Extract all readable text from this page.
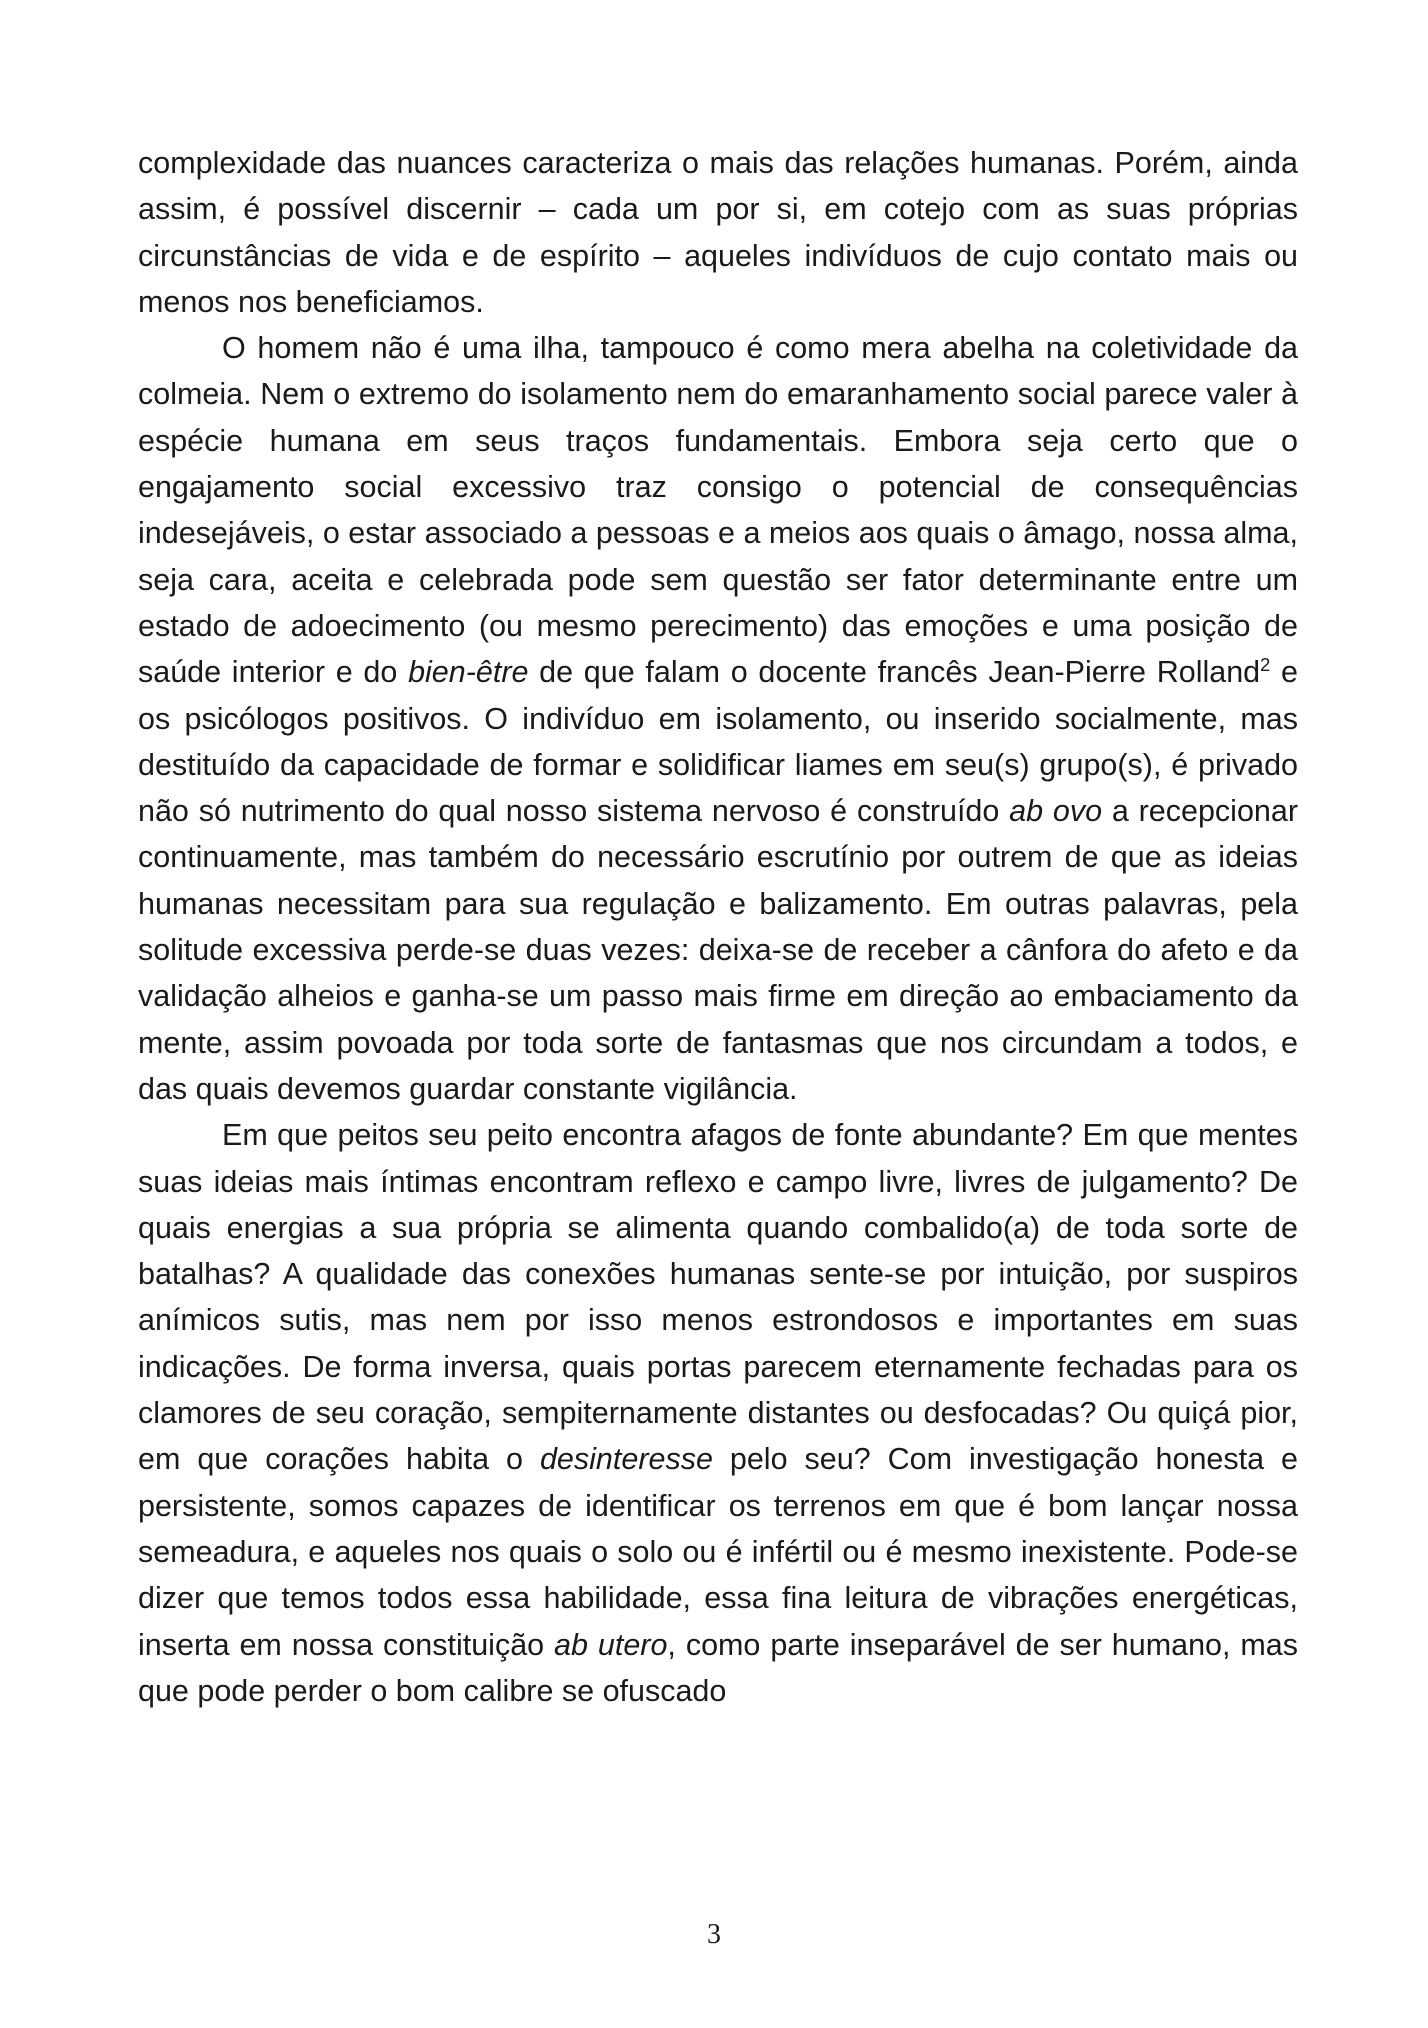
complexidade das nuances caracteriza o mais das relações humanas. Porém, ainda assim, é possível discernir – cada um por si, em cotejo com as suas próprias circunstâncias de vida e de espírito – aqueles indivíduos de cujo contato mais ou menos nos beneficiamos.

O homem não é uma ilha, tampouco é como mera abelha na coletividade da colmeia. Nem o extremo do isolamento nem do emaranhamento social parece valer à espécie humana em seus traços fundamentais. Embora seja certo que o engajamento social excessivo traz consigo o potencial de consequências indesejáveis, o estar associado a pessoas e a meios aos quais o âmago, nossa alma, seja cara, aceita e celebrada pode sem questão ser fator determinante entre um estado de adoecimento (ou mesmo perecimento) das emoções e uma posição de saúde interior e do bien-être de que falam o docente francês Jean-Pierre Rolland$^2$ e os psicólogos positivos. O indivíduo em isolamento, ou inserido socialmente, mas destituído da capacidade de formar e solidificar liames em seu(s) grupo(s), é privado não só nutrimento do qual nosso sistema nervoso é construído ab ovo a recepcionar continuamente, mas também do necessário escrutínio por outrem de que as ideias humanas necessitam para sua regulação e balizamento. Em outras palavras, pela solitude excessiva perde-se duas vezes: deixa-se de receber a cânfora do afeto e da validação alheios e ganha-se um passo mais firme em direção ao embaciamento da mente, assim povoada por toda sorte de fantasmas que nos circundam a todos, e das quais devemos guardar constante vigilância.

Em que peitos seu peito encontra afagos de fonte abundante? Em que mentes suas ideias mais íntimas encontram reflexo e campo livre, livres de julgamento? De quais energias a sua própria se alimenta quando combalido(a) de toda sorte de batalhas? A qualidade das conexões humanas sente-se por intuição, por suspiros anímicos sutis, mas nem por isso menos estrondosos e importantes em suas indicações. De forma inversa, quais portas parecem eternamente fechadas para os clamores de seu coração, sempiternamente distantes ou desfocadas? Ou quiçá pior, em que corações habita o desinteresse pelo seu? Com investigação honesta e persistente, somos capazes de identificar os terrenos em que é bom lançar nossa semeadura, e aqueles nos quais o solo ou é infértil ou é mesmo inexistente. Pode-se dizer que temos todos essa habilidade, essa fina leitura de vibrações energéticas, inserta em nossa constituição ab utero, como parte inseparável de ser humano, mas que pode perder o bom calibre se ofuscado

3
